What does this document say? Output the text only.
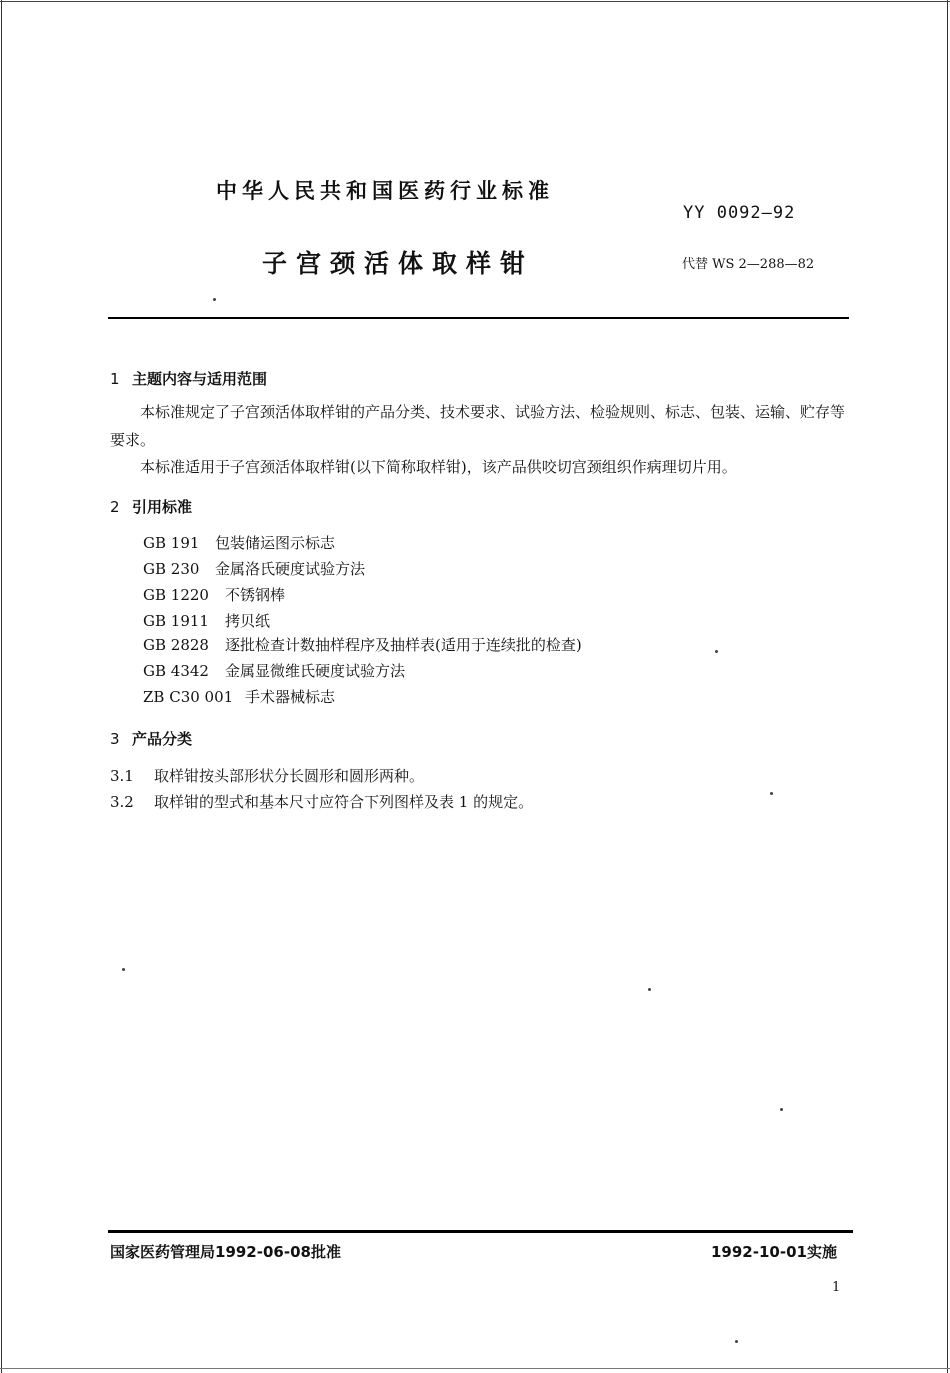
中华人民共和国医药行业标准
子宫颈活体取样钳
YY 0092—92
代替 WS 2—288—82
1 主题内容与适用范围
本标准规定了子宫颈活体取样钳的产品分类、技术要求、试验方法、检验规则、标志、包装、运输、贮存等要求。
本标准适用于子宫颈活体取样钳(以下简称取样钳)，该产品供咬切宫颈组织作病理切片用。
2 引用标准
GB 191 包装储运图示标志
GB 230 金属洛氏硬度试验方法
GB 1220 不锈钢棒
GB 1911 拷贝纸
GB 2828 逐批检查计数抽样程序及抽样表(适用于连续批的检查)
GB 4342 金属显微维氏硬度试验方法
ZB C30 001 手术器械标志
3 产品分类
3.1 取样钳按头部形状分长圆形和圆形两种。
3.2 取样钳的型式和基本尺寸应符合下列图样及表 1 的规定。
国家医药管理局1992-06-08批准	1992-10-01实施
1
